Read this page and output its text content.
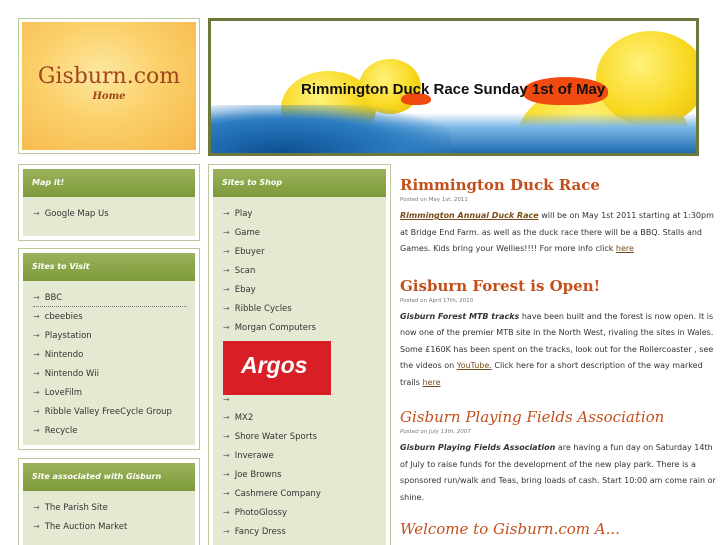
Gisburn.com
Home	Rimmington Duck Race Sunday 1st of May
Map it!
→ Google Map Us
Sites to Visit
→ BBC
→ cbeebies
→ Playstation
→ Nintendo
→ Nintendo Wii
→ LoveFilm
→ Ribble Valley FreeCycle Group
→ Recycle
Site associated with Gisburn
→ The Parish Site
→ The Auction Market
Sites to Shop
→ Play
→ Game
→ Ebuyer
→ Scan
→ Ebay
→ Ribble Cycles
→ Morgan Computers
Argos
→
→ MX2
→ Shore Water Sports
→ Inverawe
→ Joe Browns
→ Cashmere Company
→ PhotoGlossy
→ Fancy Dress
Rimmington Duck Race
Posted on May 1st, 2011
Rimmington Annual Duck Race will be on May 1st 2011 starting at 1:30pm at Bridge End Farm. as well as the duck race there will be a BBQ. Stalls and Games. Kids bring your Wellies!!!! For more info click here
Gisburn Forest is Open!
Posted on April 17th, 2010
Gisburn Forest MTB tracks have been built and the forest is now open. It is now one of the premier MTB site in the North West, rivaling the sites in Wales. Some £160K has been spent on the tracks, look out for the Rollercoaster , see the videos on YouTube. Click here for a short description of the way marked trails here
Gisburn Playing Fields Association
Posted on July 13th, 2007
Gisburn Playing Fields Association are having a fun day on Saturday 14th of July to raise funds for the development of the new play park. There is a sponsored run/walk and Teas, bring loads of cash. Start 10:00 am come rain or shine.
Welcome to Gisburn.com A...
